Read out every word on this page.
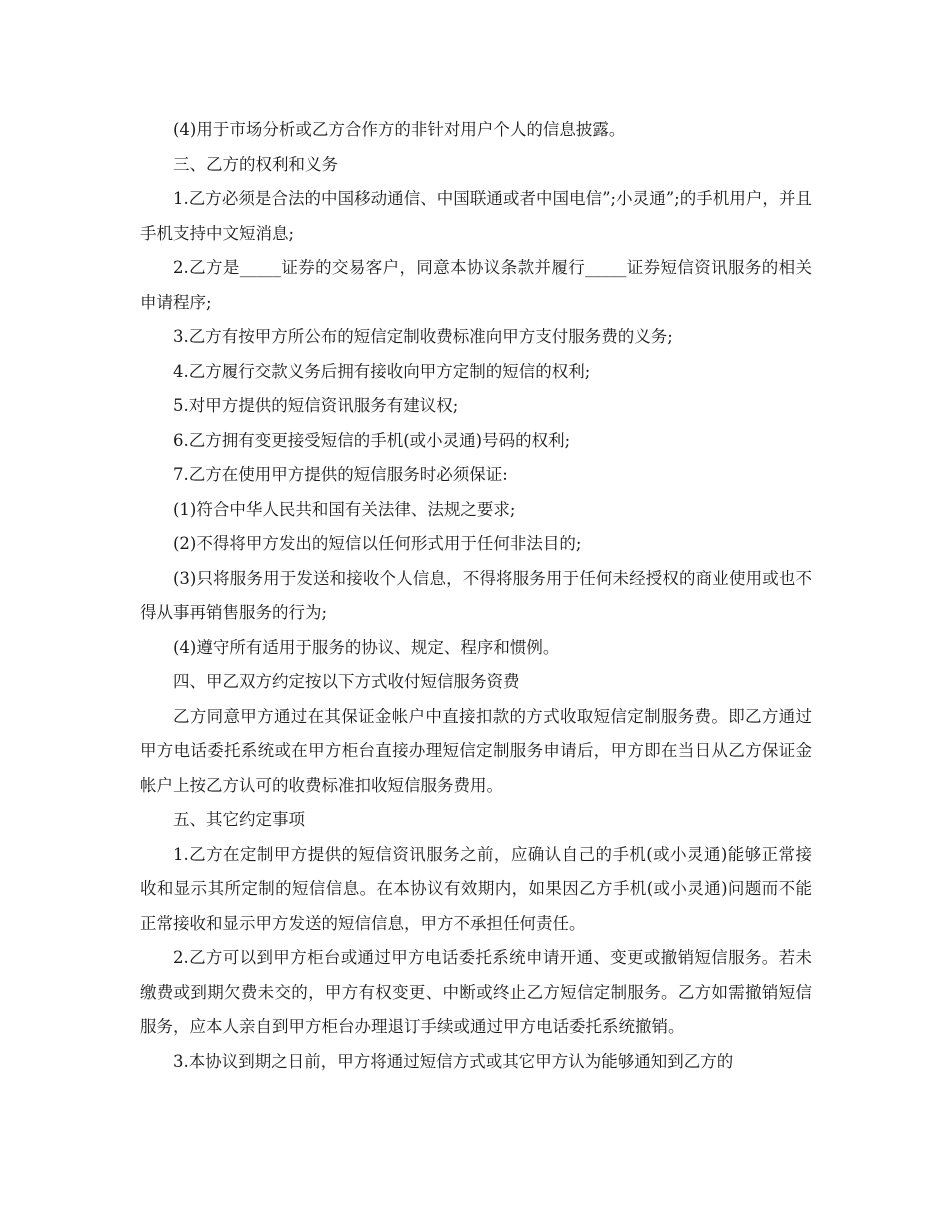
(4)用于市场分析或乙方合作方的非针对用户个人的信息披露。

三、乙方的权利和义务

1.乙方必须是合法的中国移动通信、中国联通或者中国电信”;小灵通”;的手机用户，并且手机支持中文短消息;

2.乙方是_____证券的交易客户，同意本协议条款并履行_____证券短信资讯服务的相关申请程序;

3.乙方有按甲方所公布的短信定制收费标准向甲方支付服务费的义务;

4.乙方履行交款义务后拥有接收向甲方定制的短信的权利;

5.对甲方提供的短信资讯服务有建议权;

6.乙方拥有变更接受短信的手机(或小灵通)号码的权利;

7.乙方在使用甲方提供的短信服务时必须保证:

(1)符合中华人民共和国有关法律、法规之要求;

(2)不得将甲方发出的短信以任何形式用于任何非法目的;

(3)只将服务用于发送和接收个人信息，不得将服务用于任何未经授权的商业使用或也不得从事再销售服务的行为;

(4)遵守所有适用于服务的协议、规定、程序和惯例。

四、甲乙双方约定按以下方式收付短信服务资费

乙方同意甲方通过在其保证金帐户中直接扣款的方式收取短信定制服务费。即乙方通过甲方电话委托系统或在甲方柜台直接办理短信定制服务申请后，甲方即在当日从乙方保证金帐户上按乙方认可的收费标准扣收短信服务费用。

五、其它约定事项

1.乙方在定制甲方提供的短信资讯服务之前，应确认自己的手机(或小灵通)能够正常接收和显示其所定制的短信信息。在本协议有效期内，如果因乙方手机(或小灵通)问题而不能正常接收和显示甲方发送的短信信息，甲方不承担任何责任。

2.乙方可以到甲方柜台或通过甲方电话委托系统申请开通、变更或撤销短信服务。若未缴费或到期欠费未交的，甲方有权变更、中断或终止乙方短信定制服务。乙方如需撤销短信服务，应本人亲自到甲方柜台办理退订手续或通过甲方电话委托系统撤销。

3.本协议到期之日前，甲方将通过短信方式或其它甲方认为能够通知到乙方的
